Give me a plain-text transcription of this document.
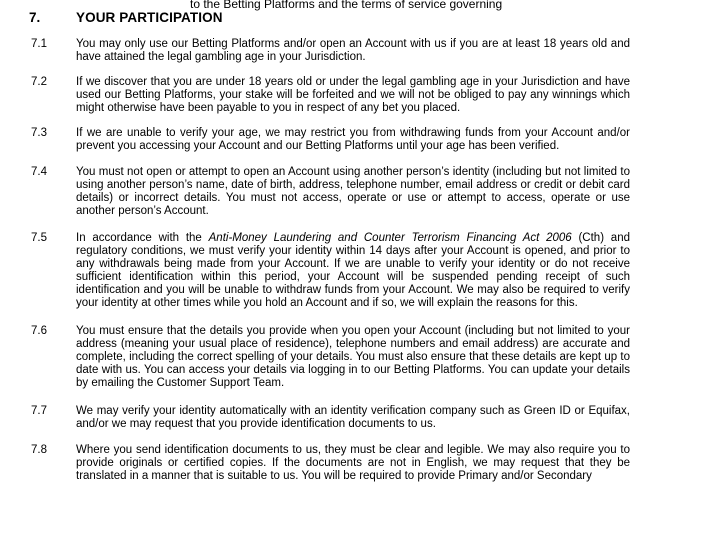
to the Betting Platforms and the terms of service governing
7.	YOUR PARTICIPATION
7.1	You may only use our Betting Platforms and/or open an Account with us if you are at least 18 years old and have attained the legal gambling age in your Jurisdiction.
7.2	If we discover that you are under 18 years old or under the legal gambling age in your Jurisdiction and have used our Betting Platforms, your stake will be forfeited and we will not be obliged to pay any winnings which might otherwise have been payable to you in respect of any bet you placed.
7.3	If we are unable to verify your age, we may restrict you from withdrawing funds from your Account and/or prevent you accessing your Account and our Betting Platforms until your age has been verified.
7.4	You must not open or attempt to open an Account using another person’s identity (including but not limited to using another person’s name, date of birth, address, telephone number, email address or credit or debit card details) or incorrect details. You must not access, operate or use or attempt to access, operate or use another person’s Account.
7.5	In accordance with the Anti-Money Laundering and Counter Terrorism Financing Act 2006 (Cth) and regulatory conditions, we must verify your identity within 14 days after your Account is opened, and prior to any withdrawals being made from your Account. If we are unable to verify your identity or do not receive sufficient identification within this period, your Account will be suspended pending receipt of such identification and you will be unable to withdraw funds from your Account. We may also be required to verify your identity at other times while you hold an Account and if so, we will explain the reasons for this.
7.6	You must ensure that the details you provide when you open your Account (including but not limited to your address (meaning your usual place of residence), telephone numbers and email address) are accurate and complete, including the correct spelling of your details. You must also ensure that these details are kept up to date with us. You can access your details via logging in to our Betting Platforms. You can update your details by emailing the Customer Support Team.
7.7	We may verify your identity automatically with an identity verification company such as Green ID or Equifax, and/or we may request that you provide identification documents to us.
7.8	Where you send identification documents to us, they must be clear and legible. We may also require you to provide originals or certified copies. If the documents are not in English, we may request that they be translated in a manner that is suitable to us. You will be required to provide Primary and/or Secondary
